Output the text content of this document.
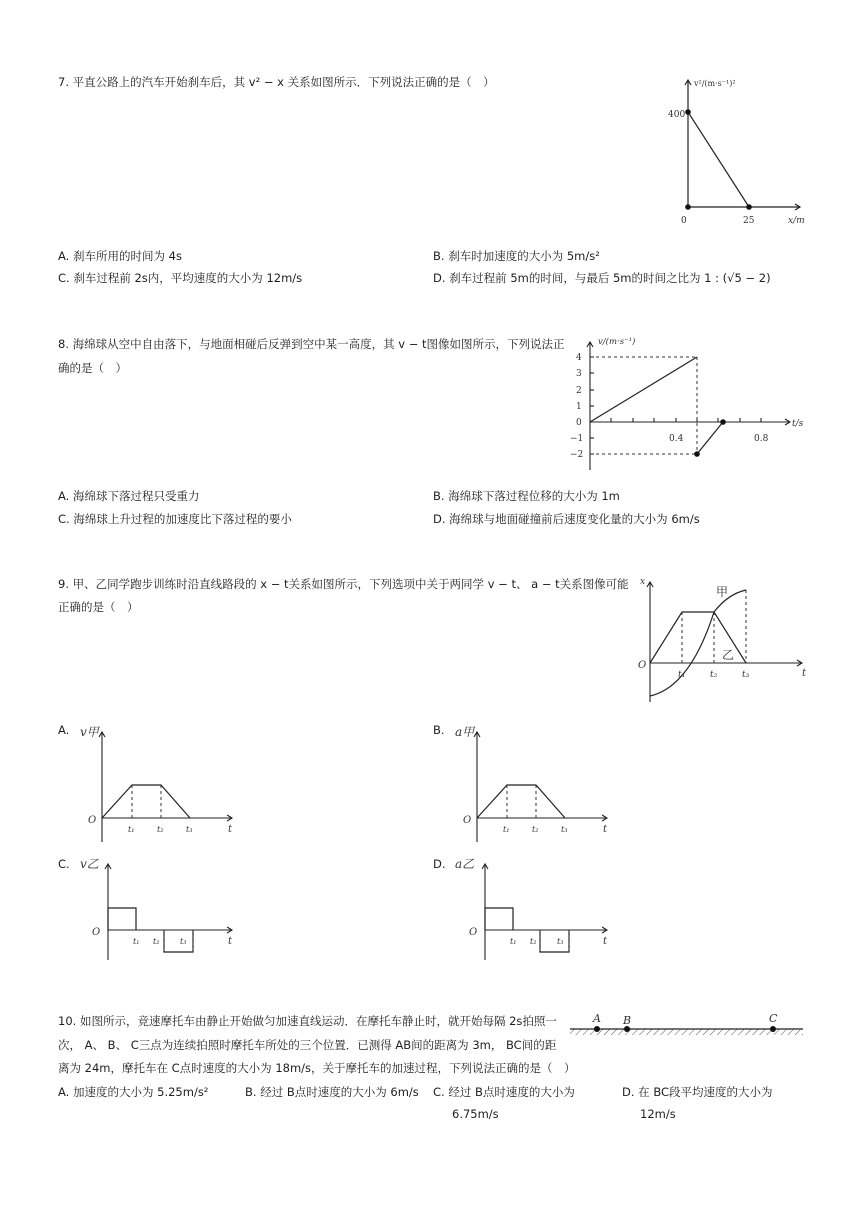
7. 平直公路上的汽车开始刹车后，其 v² − x 关系如图所示．下列说法正确的是（　）	v²/(m·s⁻¹)²
400
0	25	x/m
A. 刹车所用的时间为 4s	B. 刹车时加速度的大小为 5m/s²
C. 刹车过程前 2s内，平均速度的大小为 12m/s	D. 刹车过程前 5m的时间，与最后 5m的时间之比为 1 : (√5 − 2)
8. 海绵球从空中自由落下，与地面相碰后反弹到空中某一高度，其 v − t图像如图所示，下列说法正
确的是（　）
v/(m·s⁻¹)
4
3
2
1
0
−1
−2
0.4	0.8
t/s
A. 海绵球下落过程只受重力	B. 海绵球下落过程位移的大小为 1m
C. 海绵球上升过程的加速度比下落过程的要小	D. 海绵球与地面碰撞前后速度变化量的大小为 6m/s
9. 甲、乙同学跑步训练时沿直线路段的 x − t关系如图所示，下列选项中关于两同学 v − t、 a − t关系图像可能
正确的是（　）
x
O
t
甲
乙
t₁	t₂	t₃
A. v甲
O
t₁	t₂	t₃	t
B. a甲
O
t₁	t₂	t₃	t
C. v乙
O
t₁ t₂	t₃	t
D. a乙
O
t₁ t₂	t₃	t
10. 如图所示，竞速摩托车由静止开始做匀加速直线运动．在摩托车静止时，就开始每隔 2s拍照一
次， A、 B、 C三点为连续拍照时摩托车所处的三个位置．已测得 AB间的距离为 3m， BC间的距
离为 24m，摩托车在 C点时速度的大小为 18m/s，关于摩托车的加速过程，下列说法正确的是（　）
A B	C
A. 加速度的大小为 5.25m/s²	B. 经过 B点时速度的大小为 6m/s C. 经过 B点时速度的大小为
6.75m/s
D. 在 BC段平均速度的大小为
12m/s
